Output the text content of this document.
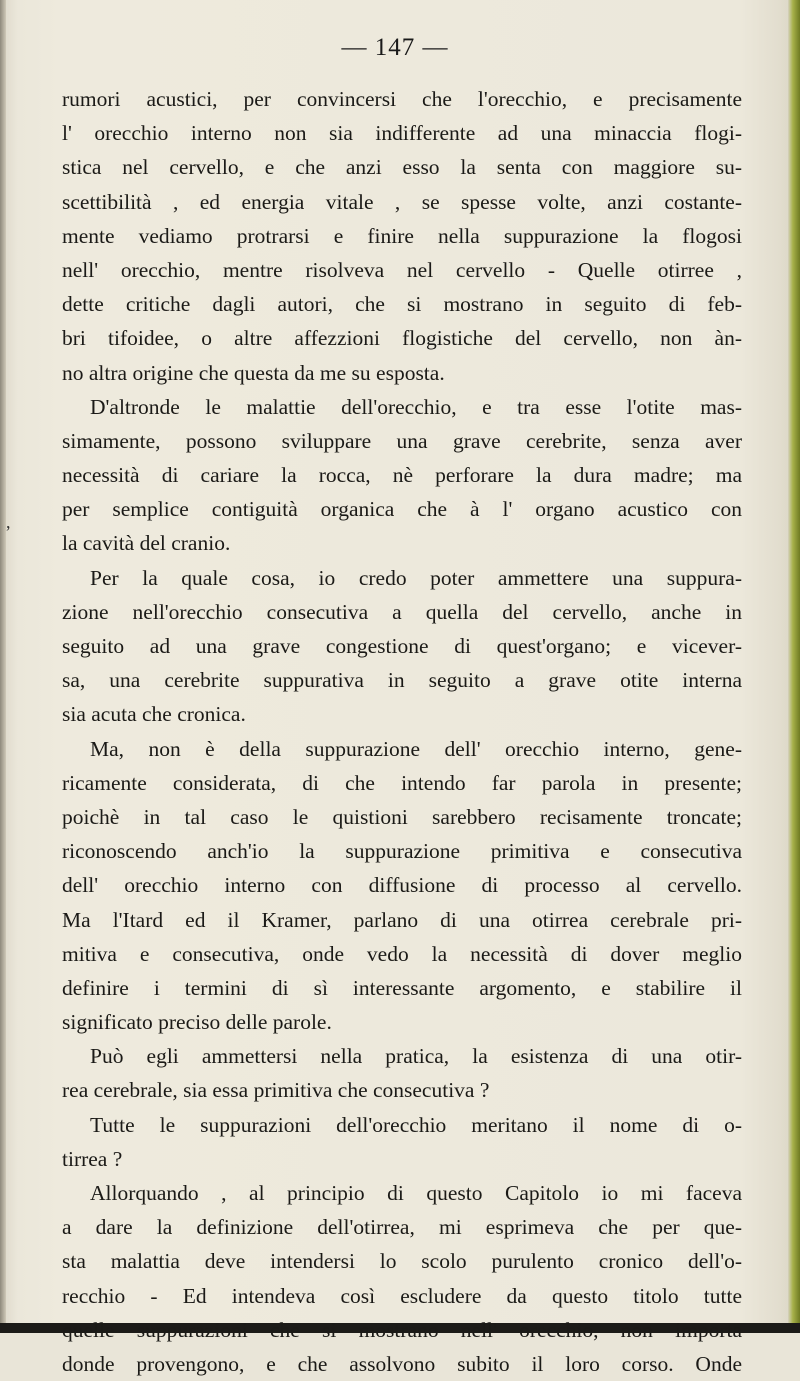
— 147 —
,
rumori acustici, per convincersi che l'orecchio, e precisamente
l' orecchio interno non sia indifferente ad una minaccia flogi-
stica nel cervello, e che anzi esso la senta con maggiore su-
scettibilità , ed energia vitale , se spesse volte, anzi costante-
mente vediamo protrarsi e finire nella suppurazione la flogosi
nell' orecchio, mentre risolveva nel cervello - Quelle otirree ,
dette critiche dagli autori, che si mostrano in seguito di feb-
bri tifoidee, o altre affezzioni flogistiche del cervello, non àn-
no altra origine che questa da me su esposta.
D'altronde le malattie dell'orecchio, e tra esse l'otite mas-
simamente, possono sviluppare una grave cerebrite, senza aver
necessità di cariare la rocca, nè perforare la dura madre; ma
per semplice contiguità organica che à l' organo acustico con
la cavità del cranio.
Per la quale cosa, io credo poter ammettere una suppura-
zione nell'orecchio consecutiva a quella del cervello, anche in
seguito ad una grave congestione di quest'organo; e vicever-
sa, una cerebrite suppurativa in seguito a grave otite interna
sia acuta che cronica.
Ma, non è della suppurazione dell' orecchio interno, gene-
ricamente considerata, di che intendo far parola in presente;
poichè in tal caso le quistioni sarebbero recisamente troncate;
riconoscendo anch'io la suppurazione primitiva e consecutiva
dell' orecchio interno con diffusione di processo al cervello.
Ma l'Itard ed il Kramer, parlano di una otirrea cerebrale pri-
mitiva e consecutiva, onde vedo la necessità di dover meglio
definire i termini di sì interessante argomento, e stabilire il
significato preciso delle parole.
Può egli ammettersi nella pratica, la esistenza di una otir-
rea cerebrale, sia essa primitiva che consecutiva ?
Tutte le suppurazioni dell'orecchio meritano il nome di o-
tirrea ?
Allorquando , al principio di questo Capitolo io mi faceva
a dare la definizione dell'otirrea, mi esprimeva che per que-
sta malattia deve intendersi lo scolo purulento cronico dell'o-
recchio - Ed intendeva così escludere da questo titolo tutte
quelle suppurazioni che si mostrano nell' orecchio, non importa
donde provengono, e che assolvono subito il loro corso. Onde
